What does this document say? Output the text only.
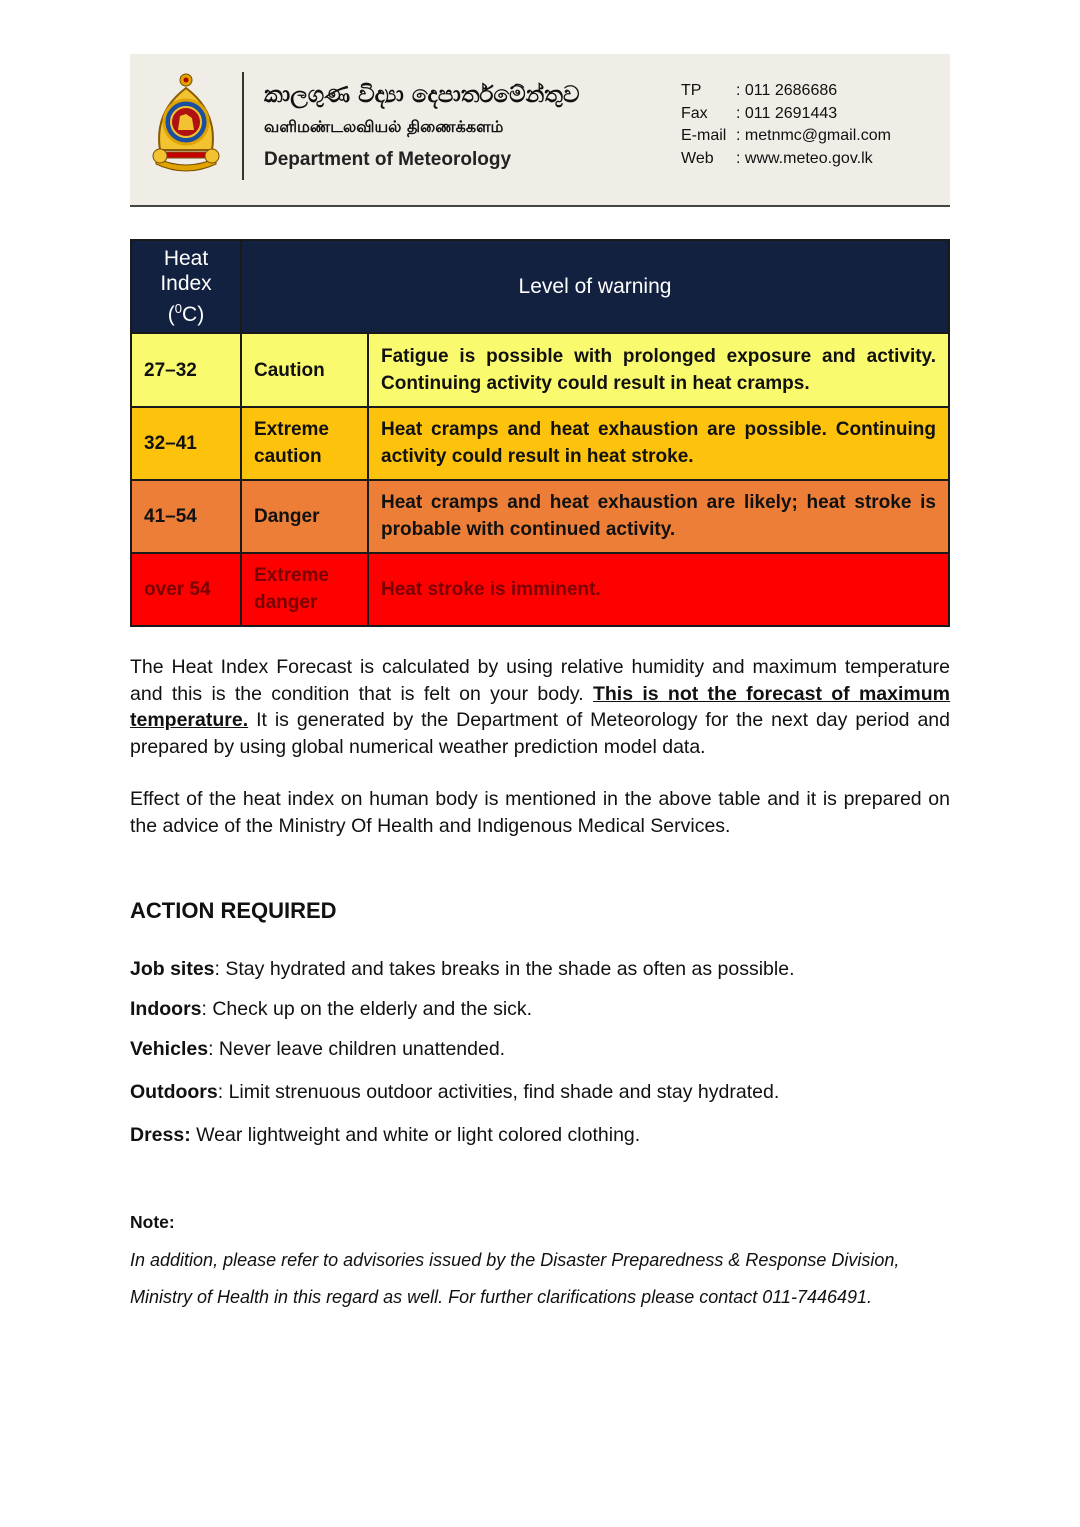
කාලගුණ විද්‍යා දෙපාර්තමේන්තුව
வளிமண்டலவியல் திணைக்களம்
Department of Meteorology
TP	: 011 2686686
Fax	: 011 2691443
E-mail : metnmc@gmail.com
Web	: www.meteo.gov.lk
Heat
Index
($^0$C)	Level of warning	
27–32	Caution	Fatigue is possible with prolonged exposure and activity. Continuing activity could result in heat cramps.
32–41	Extreme caution	Heat cramps and heat exhaustion are possible. Continuing activity could result in heat stroke.
41–54	Danger	Heat cramps and heat exhaustion are likely; heat stroke is probable with continued activity.
over 54	Extreme danger	Heat stroke is imminent.
The Heat Index Forecast is calculated by using relative humidity and maximum temperature and this is the condition that is felt on your body. This is not the forecast of maximum temperature. It is generated by the Department of Meteorology for the next day period and prepared by using global numerical weather prediction model data.
Effect of the heat index on human body is mentioned in the above table and it is prepared on the advice of the Ministry Of Health and Indigenous Medical Services.
ACTION REQUIRED
Job sites: Stay hydrated and takes breaks in the shade as often as possible.
Indoors: Check up on the elderly and the sick.
Vehicles: Never leave children unattended.
Outdoors: Limit strenuous outdoor activities, find shade and stay hydrated.
Dress: Wear lightweight and white or light colored clothing.
Note:
In addition, please refer to advisories issued by the Disaster Preparedness & Response Division, Ministry of Health in this regard as well. For further clarifications please contact 011-7446491.
